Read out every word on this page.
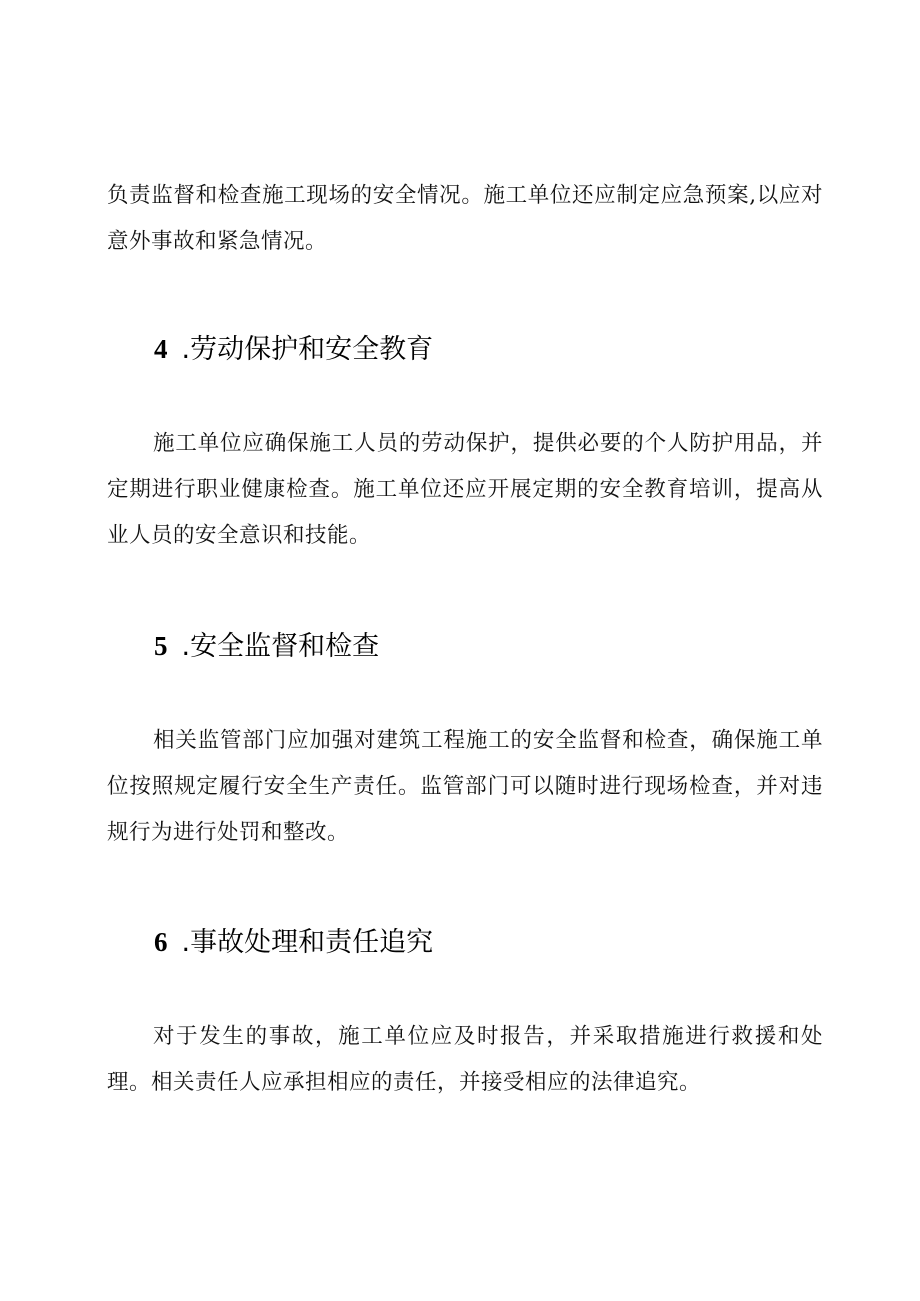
负责监督和检查施工现场的安全情况。施工单位还应制定应急预案,以应对意外事故和紧急情况。

4 .劳动保护和安全教育

施工单位应确保施工人员的劳动保护，提供必要的个人防护用品，并定期进行职业健康检查。施工单位还应开展定期的安全教育培训，提高从业人员的安全意识和技能。

5 .安全监督和检查

相关监管部门应加强对建筑工程施工的安全监督和检查，确保施工单位按照规定履行安全生产责任。监管部门可以随时进行现场检查，并对违规行为进行处罚和整改。

6 .事故处理和责任追究

对于发生的事故，施工单位应及时报告，并采取措施进行救援和处理。相关责任人应承担相应的责任，并接受相应的法律追究。
